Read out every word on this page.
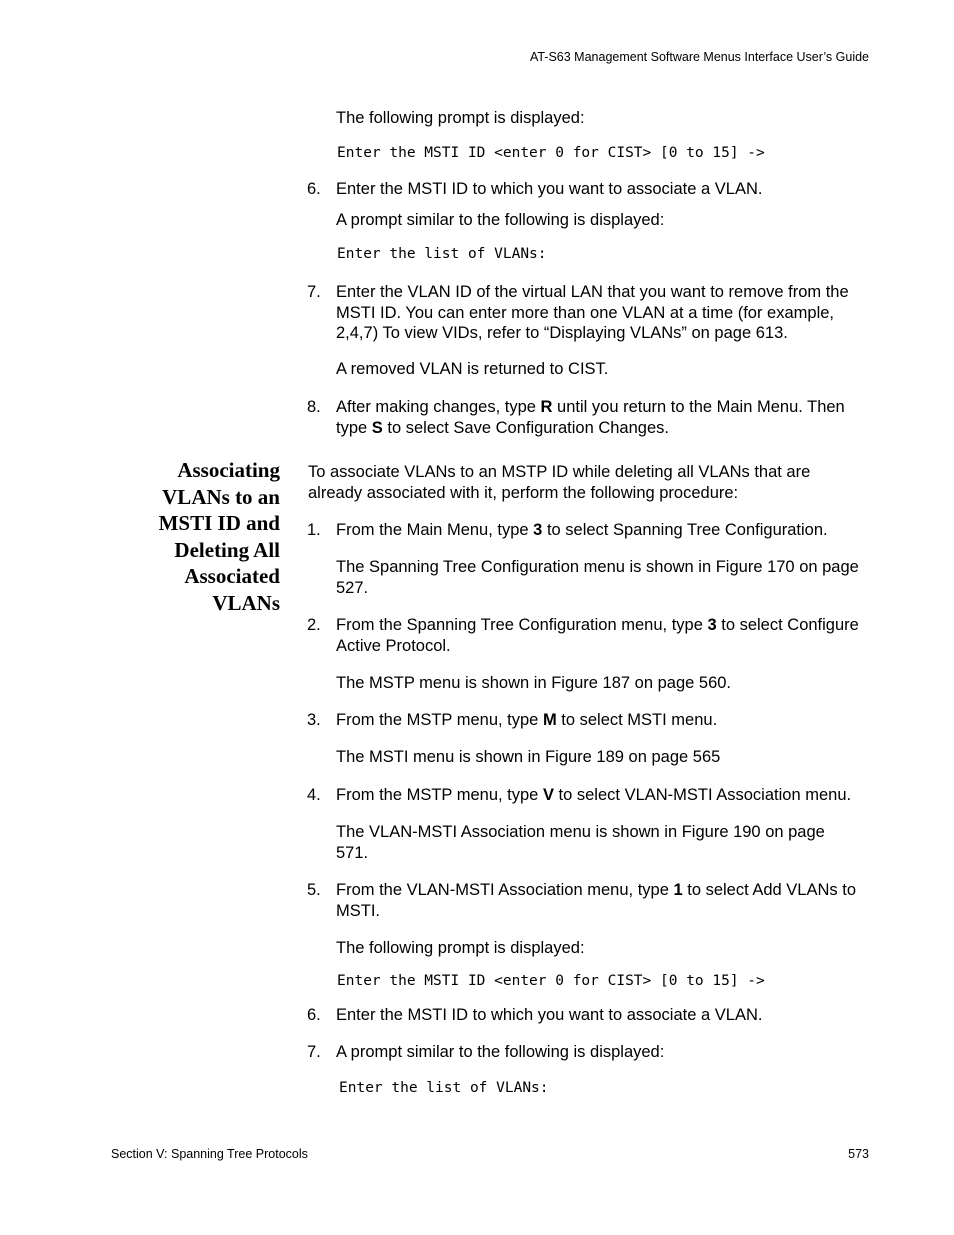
AT-S63 Management Software Menus Interface User’s Guide
The following prompt is displayed:
Enter the MSTI ID <enter 0 for CIST> [0 to 15] ->
6. Enter the MSTI ID to which you want to associate a VLAN.
A prompt similar to the following is displayed:
Enter the list of VLANs:
7. Enter the VLAN ID of the virtual LAN that you want to remove from the MSTI ID. You can enter more than one VLAN at a time (for example, 2,4,7) To view VIDs, refer to “Displaying VLANs” on page 613.
A removed VLAN is returned to CIST.
8. After making changes, type R until you return to the Main Menu. Then type S to select Save Configuration Changes.
Associating
VLANs to an
MSTI ID and
Deleting All
Associated
VLANs
To associate VLANs to an MSTP ID while deleting all VLANs that are already associated with it, perform the following procedure:
1. From the Main Menu, type 3 to select Spanning Tree Configuration.
The Spanning Tree Configuration menu is shown in Figure 170 on page 527.
2. From the Spanning Tree Configuration menu, type 3 to select Configure Active Protocol.
The MSTP menu is shown in Figure 187 on page 560.
3. From the MSTP menu, type M to select MSTI menu.
The MSTI menu is shown in Figure 189 on page 565
4. From the MSTP menu, type V to select VLAN-MSTI Association menu.
The VLAN-MSTI Association menu is shown in Figure 190 on page 571.
5. From the VLAN-MSTI Association menu, type 1 to select Add VLANs to MSTI.
The following prompt is displayed:
Enter the MSTI ID <enter 0 for CIST> [0 to 15] ->
6. Enter the MSTI ID to which you want to associate a VLAN.
7. A prompt similar to the following is displayed:
Enter the list of VLANs:
Section V: Spanning Tree Protocols	573
